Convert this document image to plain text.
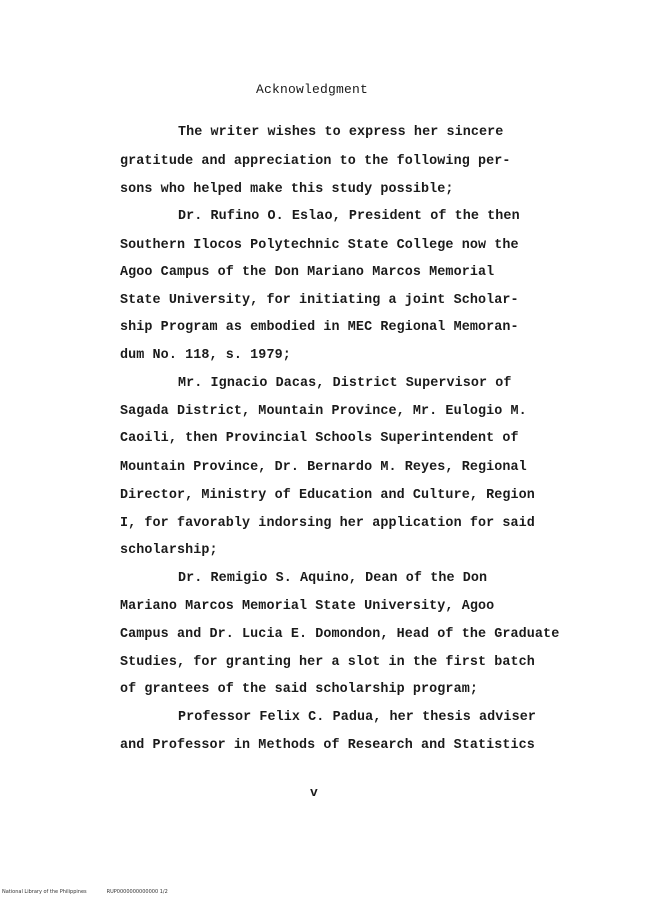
Acknowledgment
The writer wishes to express her sincere
gratitude and appreciation to the following per-
sons who helped make this study possible;
Dr. Rufino O. Eslao, President of the then
Southern Ilocos Polytechnic State College now the
Agoo Campus of the Don Mariano Marcos Memorial
State University, for initiating a joint Scholar-
ship Program as embodied in MEC Regional Memoran-
dum No. 118, s. 1979;
Mr. Ignacio Dacas, District Supervisor of
Sagada District, Mountain Province, Mr. Eulogio M.
Caoili, then Provincial Schools Superintendent of
Mountain Province, Dr. Bernardo M. Reyes, Regional
Director, Ministry of Education and Culture, Region
I, for favorably indorsing her application for said
scholarship;
Dr. Remigio S. Aquino, Dean of the Don
Mariano Marcos Memorial State University, Agoo
Campus and Dr. Lucia E. Domondon, Head of the Graduate
Studies, for granting her a slot in the first batch
of grantees of the said scholarship program;
Professor Felix C. Padua, her thesis adviser
and Professor in Methods of Research and Statistics
v
National Library of the Philippines	RUP0000000000000 1/2
